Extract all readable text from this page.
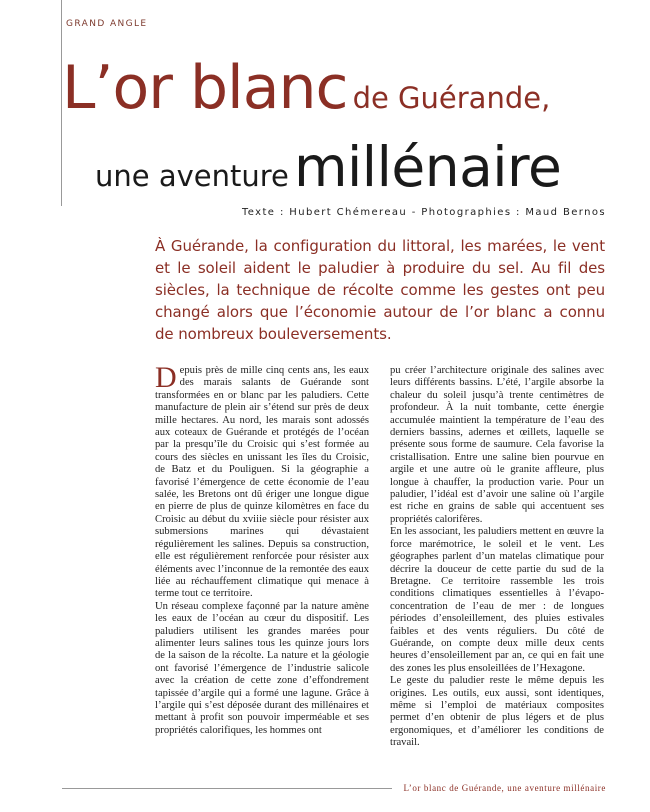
GRAND ANGLE
L’or blanc de Guérande,
une aventure millénaire
Texte : Hubert Chémereau - Photographies : Maud Bernos

À Guérande, la configuration du littoral, les marées, le vent et le soleil aident le paludier à produire du sel. Au fil des siècles, la technique de récolte comme les gestes ont peu changé alors que l’économie autour de l’or blanc a connu de nombreux bouleversements.

Depuis près de mille cinq cents ans, les eaux des marais salants de Guérande sont transformées en or blanc par les paludiers. Cette manufacture de plein air s’étend sur près de deux mille hectares. Au nord, les marais sont adossés aux coteaux de Guérande et protégés de l’océan par la presqu’île du Croisic qui s’est formée au cours des siècles en unissant les îles du Croisic, de Batz et du Pouliguen. Si la géographie a favorisé l’émergence de cette économie de l’eau salée, les Bretons ont dû ériger une longue digue en pierre de plus de quinze kilomètres en face du Croisic au début du xviiie siècle pour résister aux submersions marines qui dévastaient régulièrement les salines. Depuis sa construction, elle est régulièrement renforcée pour résister aux éléments avec l’inconnue de la remontée des eaux liée au réchauffement climatique qui menace à terme tout ce territoire.

Un réseau complexe façonné par la nature amène les eaux de l’océan au cœur du dispositif. Les paludiers utilisent les grandes marées pour alimenter leurs salines tous les quinze jours lors de la saison de la récolte. La nature et la géologie ont favorisé l’émergence de l’industrie salicole avec la création de cette zone d’effondrement tapissée d’argile qui a formé une lagune. Grâce à l’argile qui s’est déposée durant des millénaires et mettant à profit son pouvoir imperméable et ses propriétés calorifiques, les hommes ont

pu créer l’architecture originale des salines avec leurs différents bassins. L’été, l’argile absorbe la chaleur du soleil jusqu’à trente centimètres de profondeur. À la nuit tombante, cette énergie accumulée maintient la température de l’eau des derniers bassins, adernes et œillets, laquelle se présente sous forme de saumure. Cela favorise la cristallisation. Entre une saline bien pourvue en argile et une autre où le granite affleure, plus longue à chauffer, la production varie. Pour un paludier, l’idéal est d’avoir une saline où l’argile est riche en grains de sable qui accentuent ses propriétés calorifères.

En les associant, les paludiers mettent en œuvre la force marémotrice, le soleil et le vent. Les géographes parlent d’un matelas climatique pour décrire la douceur de cette partie du sud de la Bretagne. Ce territoire rassemble les trois conditions climatiques essentielles à l’évapo-concentration de l’eau de mer : de longues périodes d’ensoleillement, des pluies estivales faibles et des vents réguliers. Du côté de Guérande, on compte deux mille deux cents heures d’ensoleillement par an, ce qui en fait une des zones les plus ensoleillées de l’Hexagone.

Le geste du paludier reste le même depuis les origines. Les outils, eux aussi, sont identiques, même si l’emploi de matériaux composites permet d’en obtenir de plus légers et de plus ergonomiques, et d’améliorer les conditions de travail.

L’or blanc de Guérande, une aventure millénaire
